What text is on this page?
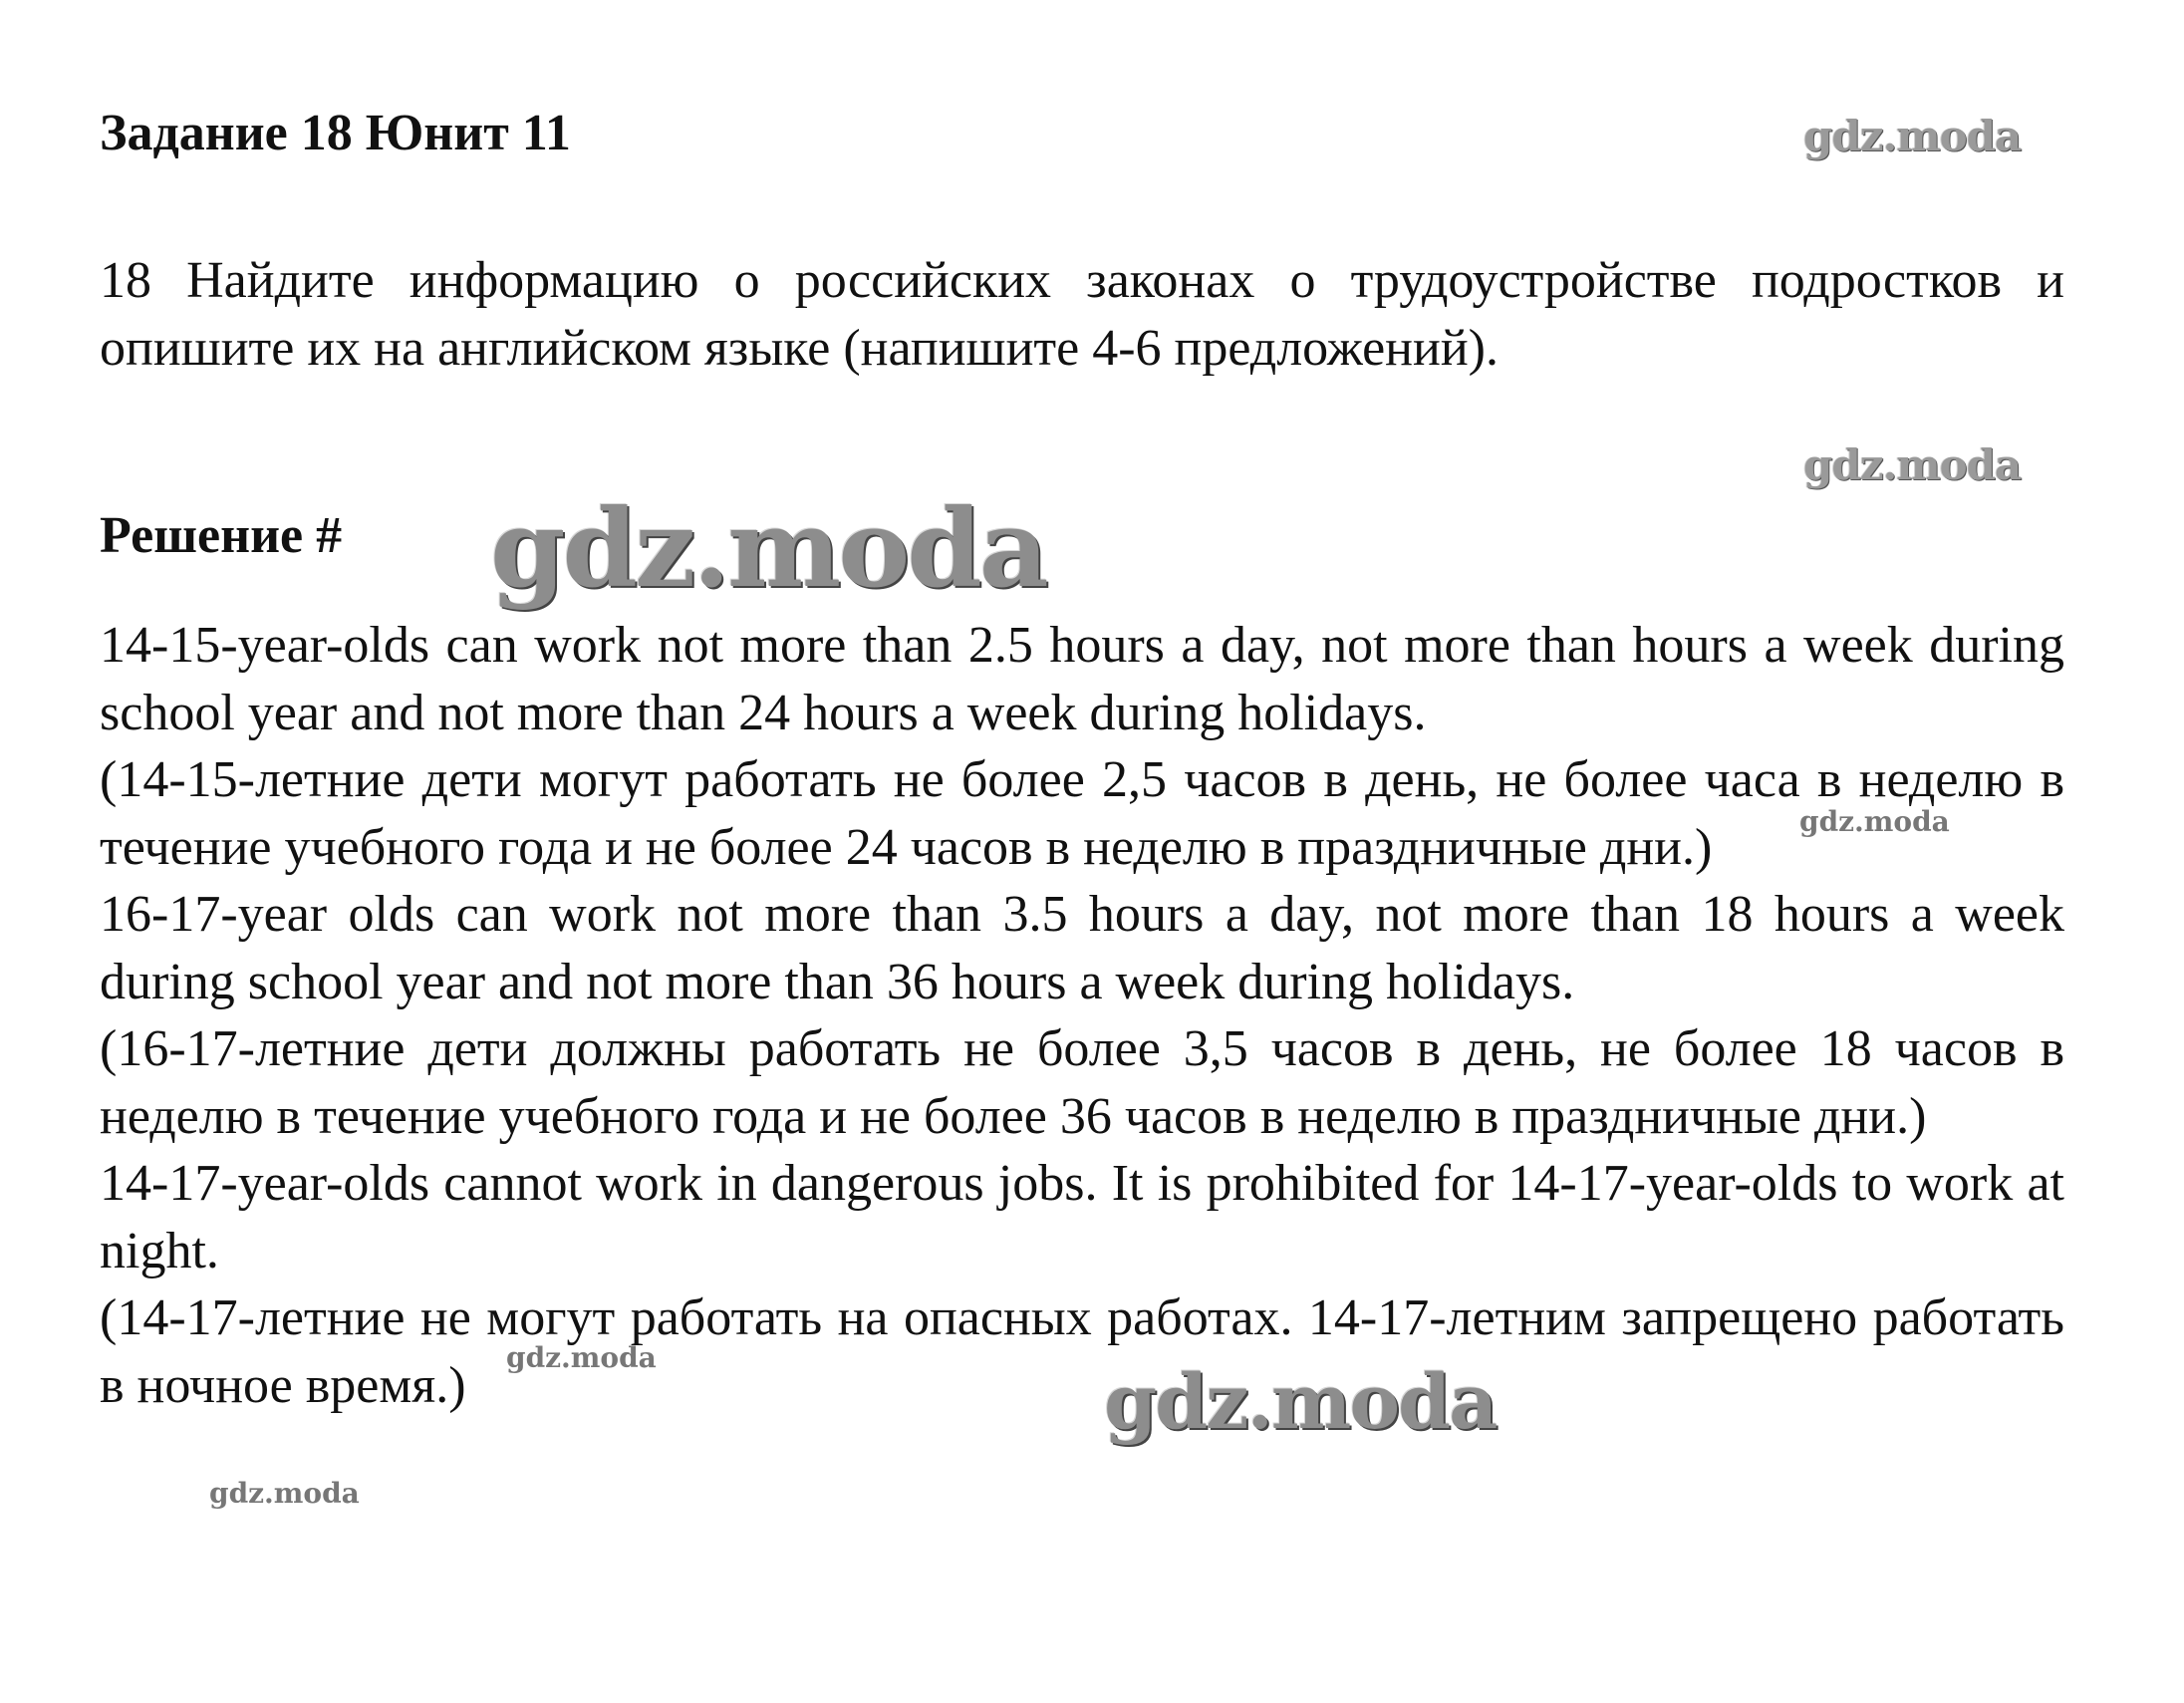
Задание 18 Юнит 11
18 Найдите информацию о российских законах о трудоустройстве подростков и опишите их на английском языке (напишите 4-6 предложений).
Решение #

14-15-year-olds can work not more than 2.5 hours a day, not more than hours a week during school year and not more than 24 hours a week during holidays.

(14-15-летние дети могут работать не более 2,5 часов в день, не более часа в неделю в течение учебного года и не более 24 часов в неделю в праздничные дни.)

16-17-year olds can work not more than 3.5 hours a day, not more than 18 hours a week during school year and not more than 36 hours a week during holidays.

(16-17-летние дети должны работать не более 3,5 часов в день, не более 18 часов в неделю в течение учебного года и не более 36 часов в неделю в праздничные дни.)

14-17-year-olds cannot work in dangerous jobs. It is prohibited for 14-17-year-olds to work at night.

(14-17-летние не могут работать на опасных работах. 14-17-летним запрещено работать в ночное время.)

gdz.moda
gdz.moda
gdz.moda
gdz.moda
gdz.moda	gdz.moda
gdz.moda
